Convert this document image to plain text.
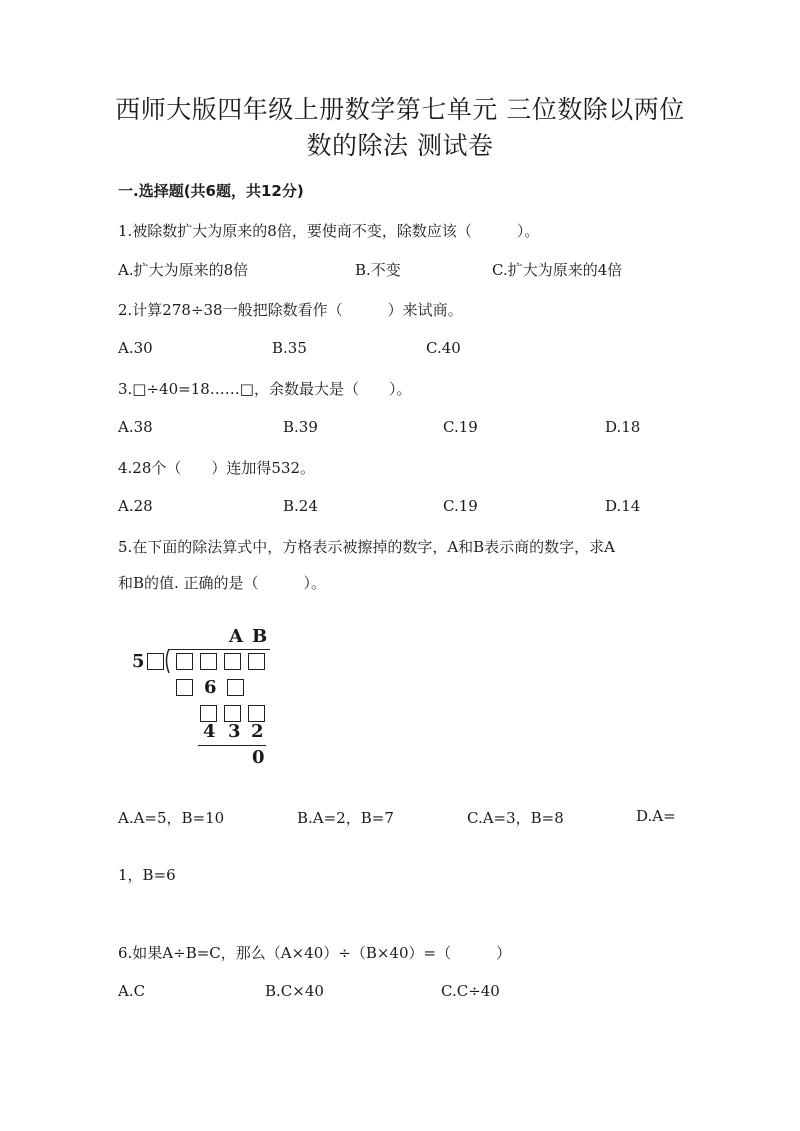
西师大版四年级上册数学第七单元 三位数除以两位
数的除法 测试卷
一.选择题(共6题，共12分)
1.被除数扩大为原来的8倍，要使商不变，除数应该（　　　）。
A.扩大为原来的8倍	B.不变	C.扩大为原来的4倍
2.计算278÷38一般把除数看作（　　　）来试商。
A.30	B.35	C.40
3.□÷40=18……□，余数最大是（　　）。
A.38	B.39	C.19	D.18
4.28个（　　）连加得532。
A.28	B.24	C.19	D.14
5.在下面的除法算式中，方格表示被擦掉的数字，A和B表示商的数字，求A
和B的值. 正确的是（　　　）。
A B
5
6
4 3 2
0
A.A=5，B=10	B.A=2，B=7	C.A=3，B=8	D.A=
1，B=6
6.如果A÷B=C，那么（A×40）÷（B×40）=（　　　）
A.C	B.C×40	C.C÷40
